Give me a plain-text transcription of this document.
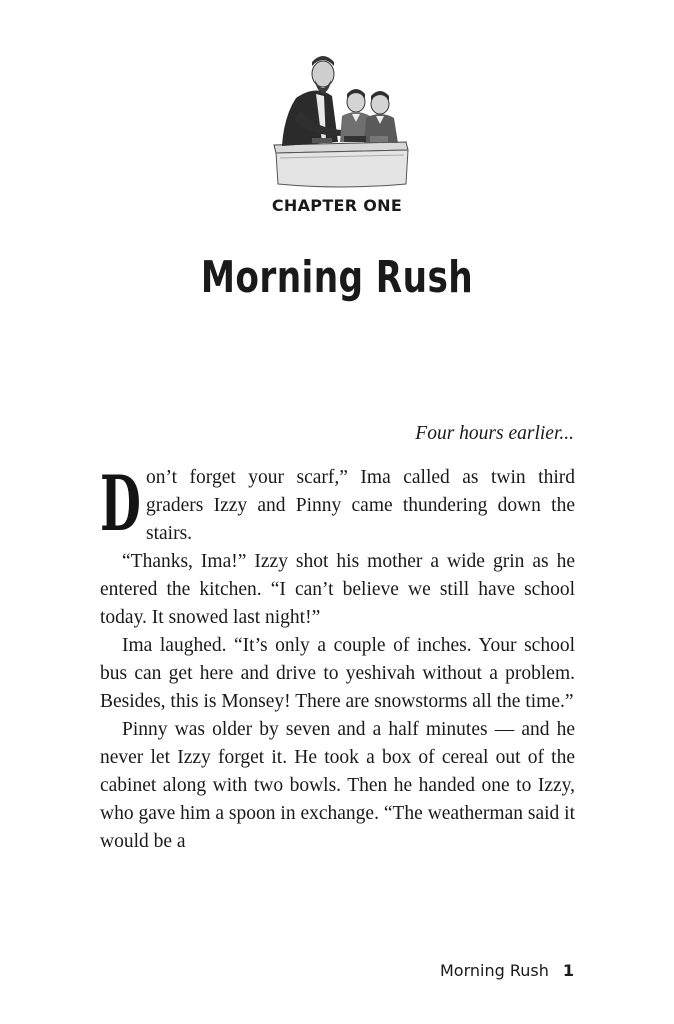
CHAPTER ONE
Morning Rush
Four hours earlier...

D on’t forget your scarf,” Ima called as twin third graders Izzy and Pinny came thundering down the stairs.

“Thanks, Ima!” Izzy shot his mother a wide grin as he entered the kitchen. “I can’t believe we still have school today. It snowed last night!”

Ima laughed. “It’s only a couple of inches. Your school bus can get here and drive to yeshivah without a problem. Besides, this is Monsey! There are snowstorms all the time.”

Pinny was older by seven and a half minutes — and he never let Izzy forget it. He took a box of cereal out of the cabinet along with two bowls. Then he handed one to Izzy, who gave him a spoon in exchange. “The weatherman said it would be a

Morning Rush 1
